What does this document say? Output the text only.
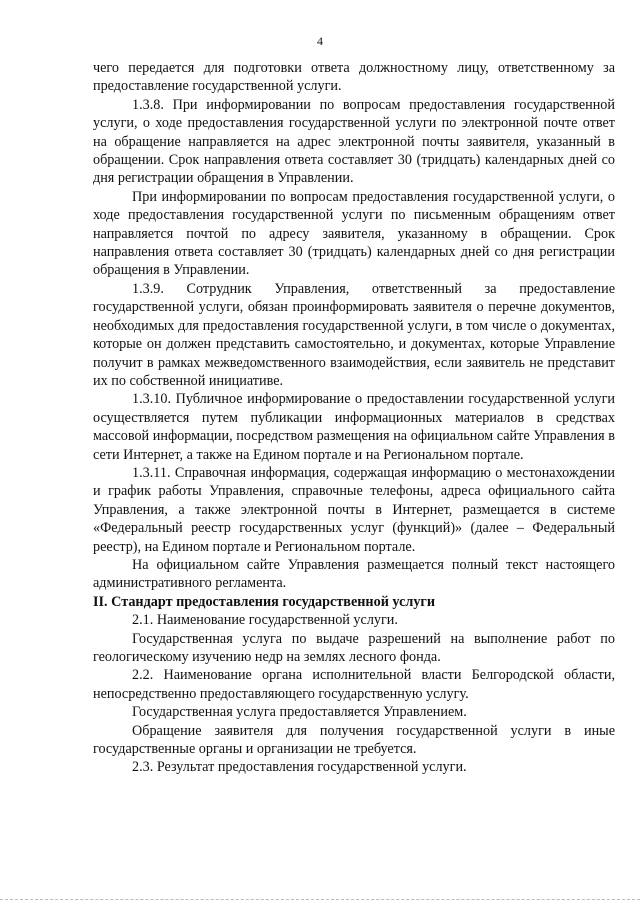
4

чего передается для подготовки ответа должностному лицу, ответственному за предоставление государственной услуги.

1.3.8. При информировании по вопросам предоставления государственной услуги, о ходе предоставления государственной услуги по электронной почте ответ на обращение направляется на адрес электронной почты заявителя, указанный в обращении. Срок направления ответа составляет 30 (тридцать) календарных дней со дня регистрации обращения в Управлении.

При информировании по вопросам предоставления государственной услуги, о ходе предоставления государственной услуги по письменным обращениям ответ направляется почтой по адресу заявителя, указанному в обращении. Срок направления ответа составляет 30 (тридцать) календарных дней со дня регистрации обращения в Управлении.

1.3.9. Сотрудник Управления, ответственный за предоставление государственной услуги, обязан проинформировать заявителя о перечне документов, необходимых для предоставления государственной услуги, в том числе о документах, которые он должен представить самостоятельно, и документах, которые Управление получит в рамках межведомственного взаимодействия, если заявитель не представит их по собственной инициативе.

1.3.10. Публичное информирование о предоставлении государственной услуги осуществляется путем публикации информационных материалов в средствах массовой информации, посредством размещения на официальном сайте Управления в сети Интернет, а также на Едином портале и на Региональном портале.

1.3.11. Справочная информация, содержащая информацию о местонахождении и график работы Управления, справочные телефоны, адреса официального сайта Управления, а также электронной почты в Интернет, размещается в системе «Федеральный реестр государственных услуг (функций)» (далее – Федеральный реестр), на Едином портале и Региональном портале.

На официальном сайте Управления размещается полный текст настоящего административного регламента.

II. Стандарт предоставления государственной услуги

2.1. Наименование государственной услуги.

Государственная услуга по выдаче разрешений на выполнение работ по геологическому изучению недр на землях лесного фонда.

2.2. Наименование органа исполнительной власти Белгородской области, непосредственно предоставляющего государственную услугу.

Государственная услуга предоставляется Управлением.

Обращение заявителя для получения государственной услуги в иные государственные органы и организации не требуется.

2.3. Результат предоставления государственной услуги.
